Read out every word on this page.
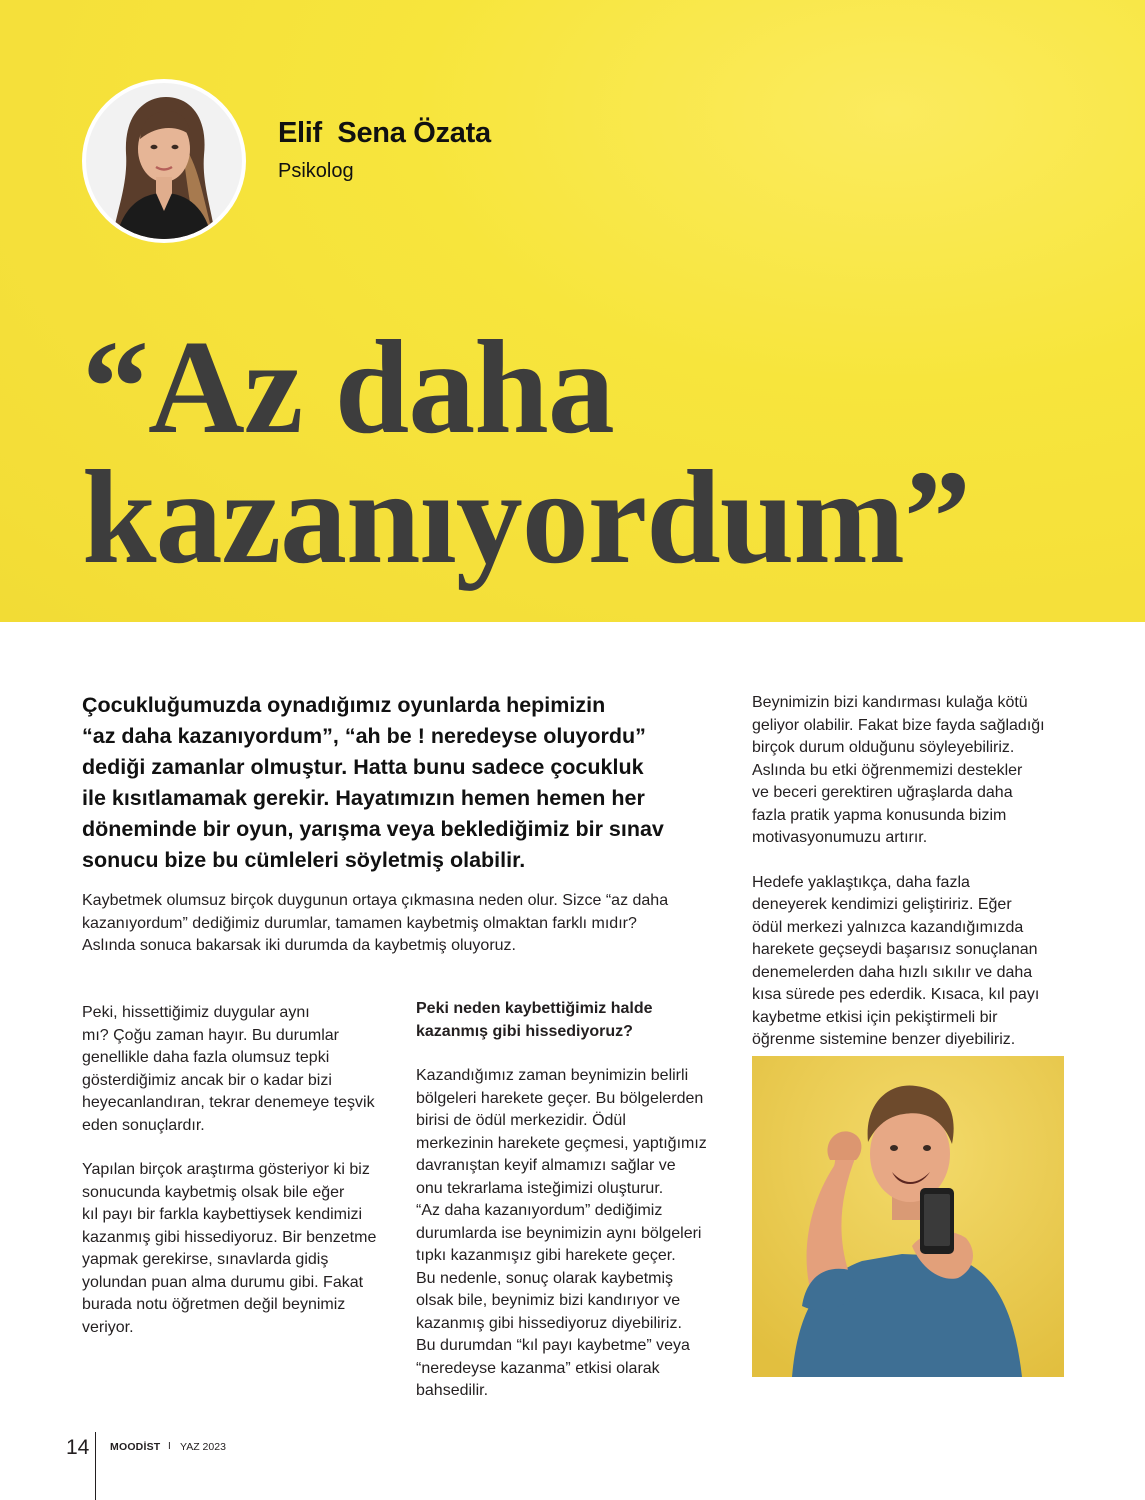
Elif  Sena Özata
Psikolog
“Az daha
kazanıyordum”
Çocukluğumuzda oynadığımız oyunlarda hepimizin
“az daha kazanıyordum”, “ah be ! neredeyse oluyordu”
dediği zamanlar olmuştur. Hatta bunu sadece çocukluk
ile kısıtlamamak gerekir. Hayatımızın hemen hemen her
döneminde bir oyun, yarışma veya beklediğimiz bir sınav
sonucu bize bu cümleleri söyletmiş olabilir.
Kaybetmek olumsuz birçok duygunun ortaya çıkmasına neden olur. Sizce “az daha
kazanıyordum” dediğimiz durumlar, tamamen kaybetmiş olmaktan farklı mıdır?
Aslında sonuca bakarsak iki durumda da kaybetmiş oluyoruz.

Peki, hissettiğimiz duygular aynı
mı? Çoğu zaman hayır. Bu durumlar
genellikle daha fazla olumsuz tepki
gösterdiğimiz ancak bir o kadar bizi
heyecanlandıran, tekrar denemeye teşvik
eden sonuçlardır.

Yapılan birçok araştırma gösteriyor ki biz
sonucunda kaybetmiş olsak bile eğer
kıl payı bir farkla kaybettiysek kendimizi
kazanmış gibi hissediyoruz. Bir benzetme
yapmak gerekirse, sınavlarda gidiş
yolundan puan alma durumu gibi. Fakat
burada notu öğretmen değil beynimiz
veriyor.

Peki neden kaybettiğimiz halde
kazanmış gibi hissediyoruz?

Kazandığımız zaman beynimizin belirli
bölgeleri harekete geçer. Bu bölgelerden
birisi de ödül merkezidir. Ödül
merkezinin harekete geçmesi, yaptığımız
davranıştan keyif almamızı sağlar ve
onu tekrarlama isteğimizi oluşturur.
“Az daha kazanıyordum” dediğimiz
durumlarda ise beynimizin aynı bölgeleri
tıpkı kazanmışız gibi harekete geçer.
Bu nedenle, sonuç olarak kaybetmiş
olsak bile, beynimiz bizi kandırıyor ve
kazanmış gibi hissediyoruz diyebiliriz.
Bu durumdan “kıl payı kaybetme” veya
“neredeyse kazanma” etkisi olarak
bahsedilir.

Beynimizin bizi kandırması kulağa kötü
geliyor olabilir. Fakat bize fayda sağladığı
birçok durum olduğunu söyleyebiliriz.
Aslında bu etki öğrenmemizi destekler
ve beceri gerektiren uğraşlarda daha
fazla pratik yapma konusunda bizim
motivasyonumuzu artırır.

Hedefe yaklaştıkça, daha fazla
deneyerek kendimizi geliştiririz. Eğer
ödül merkezi yalnızca kazandığımızda
harekete geçseydi başarısız sonuçlanan
denemelerden daha hızlı sıkılır ve daha
kısa sürede pes ederdik. Kısaca, kıl payı
kaybetme etkisi için pekiştirmeli bir
öğrenme sistemine benzer diyebiliriz.

14 MOODİST I YAZ 2023
